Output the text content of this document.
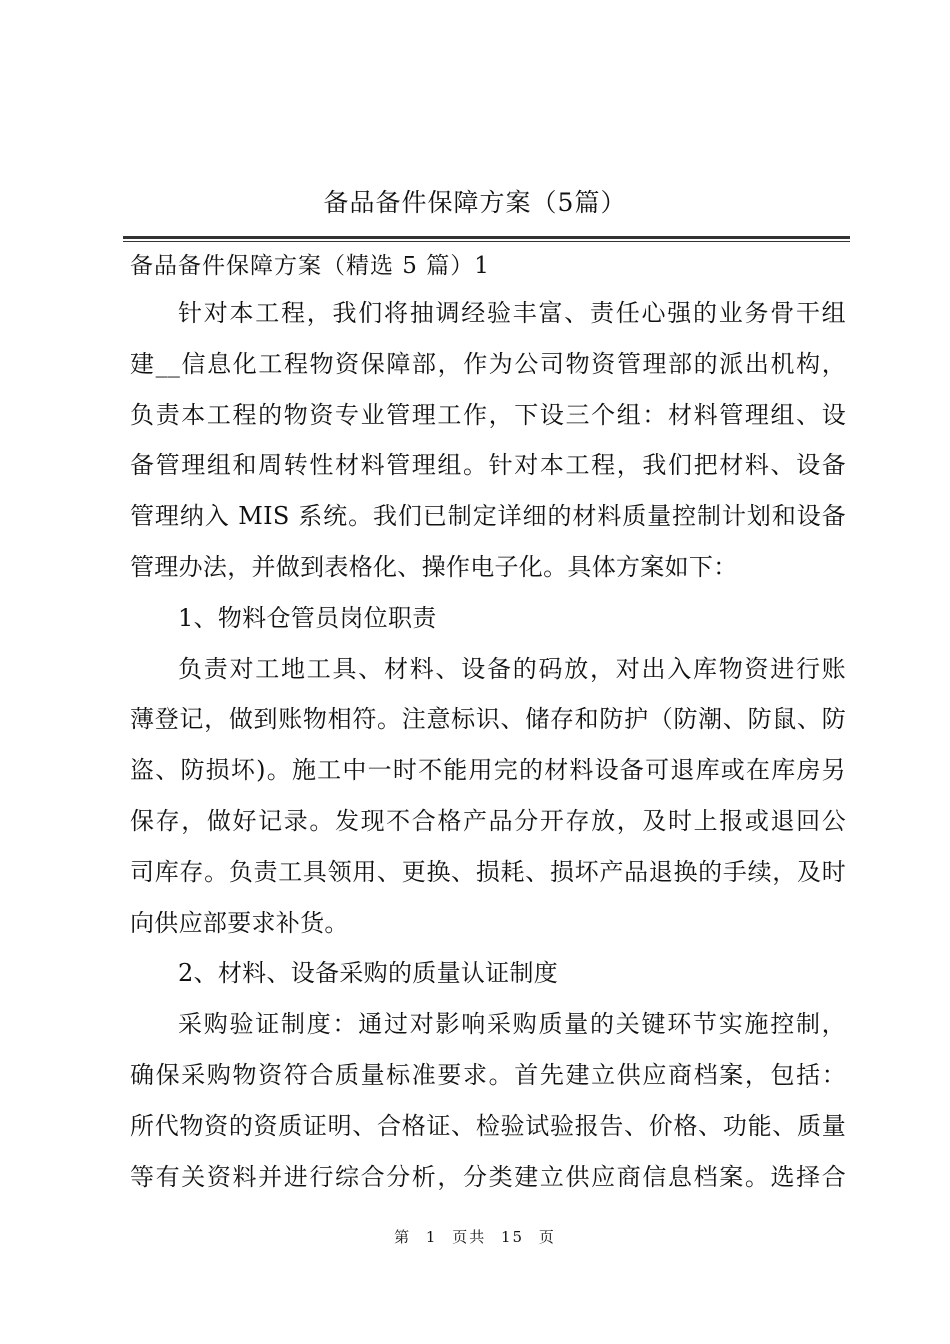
备品备件保障方案（5篇）
备品备件保障方案（精选 5 篇）1
针对本工程，我们将抽调经验丰富、责任心强的业务骨干组
建__信息化工程物资保障部，作为公司物资管理部的派出机构，
负责本工程的物资专业管理工作，下设三个组：材料管理组、设
备管理组和周转性材料管理组。针对本工程，我们把材料、设备
管理纳入 MIS 系统。我们已制定详细的材料质量控制计划和设备
管理办法，并做到表格化、操作电子化。具体方案如下：
1、物料仓管员岗位职责
负责对工地工具、材料、设备的码放，对出入库物资进行账
薄登记，做到账物相符。注意标识、储存和防护（防潮、防鼠、防
盗、防损坏)。施工中一时不能用完的材料设备可退库或在库房另
保存，做好记录。发现不合格产品分开存放，及时上报或退回公
司库存。负责工具领用、更换、损耗、损坏产品退换的手续，及时
向供应部要求补货。
2、材料、设备采购的质量认证制度
采购验证制度：通过对影响采购质量的关键环节实施控制，
确保采购物资符合质量标准要求。首先建立供应商档案，包括：
所代物资的资质证明、合格证、检验试验报告、价格、功能、质量
等有关资料并进行综合分析，分类建立供应商信息档案。选择合
第 1 页共 15 页
